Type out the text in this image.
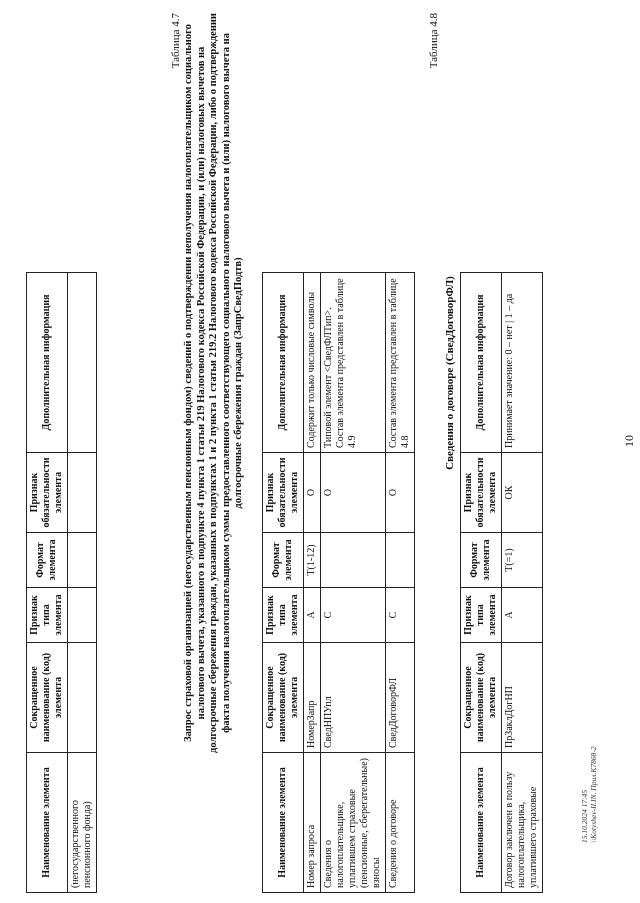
Наименование элемента	Сокращенное наименование (код) элемента	Признак типа элемента	Формат элемента	Признак обязательности элемента	Дополнительная информация
(негосударственного пенсионного фонда)					
10
Таблица 4.7 Запрос страховой организацией (негосударственным пенсионным фондом) сведений о подтверждении неполучения налогоплательщиком социального налогового вычета, указанного в подпункте 4 пункта 1 статьи 219 Налогового кодекса Российской Федерации, и (или) налоговых вычетов на долгосрочные сбережения граждан, указанных в подпунктах 1 и 2 пункта 1 статьи 219.2 Налогового кодекса Российской Федерации, либо о подтверждении факта получения налогоплательщиком суммы предоставленного соответствующего социального налогового вычета и (или) налогового вычета на долгосрочные сбережения граждан (ЗапрСведПодтв)
Наименование элемента	Сокращенное наименование (код) элемента	Признак типа элемента	Формат элемента	Признак обязательности элемента	Дополнительная информация
Номер запроса	НомерЗапр	А	T(1-12)	О	Содержит только числовые символы
Сведения о налогоплательщике, уплатившем страховые (пенсионные, сберегательные) взносы	СведНПУпл	С		О	Типовой элемент <СведФЛТип>. Состав элемента представлен в таблице 4.9
Сведения о договоре	СведДоговорФЛ	С		О	Состав элемента представлен в таблице 4.8
Таблица 4.8
Сведения о договоре (СведДоговорФЛ)
Наименование элемента	Сокращенное наименование (код) элемента	Признак типа элемента	Формат элемента	Признак обязательности элемента	Дополнительная информация
Договор заключен в пользу налогоплательщика, уплатившего страховые	ПрЗаклДогНП	А	T(=1)	ОК	Принимает значение: 0 – нет | 1 – да
15.10.2024 17:45 \\Kotyshev-II.IN. Прил.К7868-2
